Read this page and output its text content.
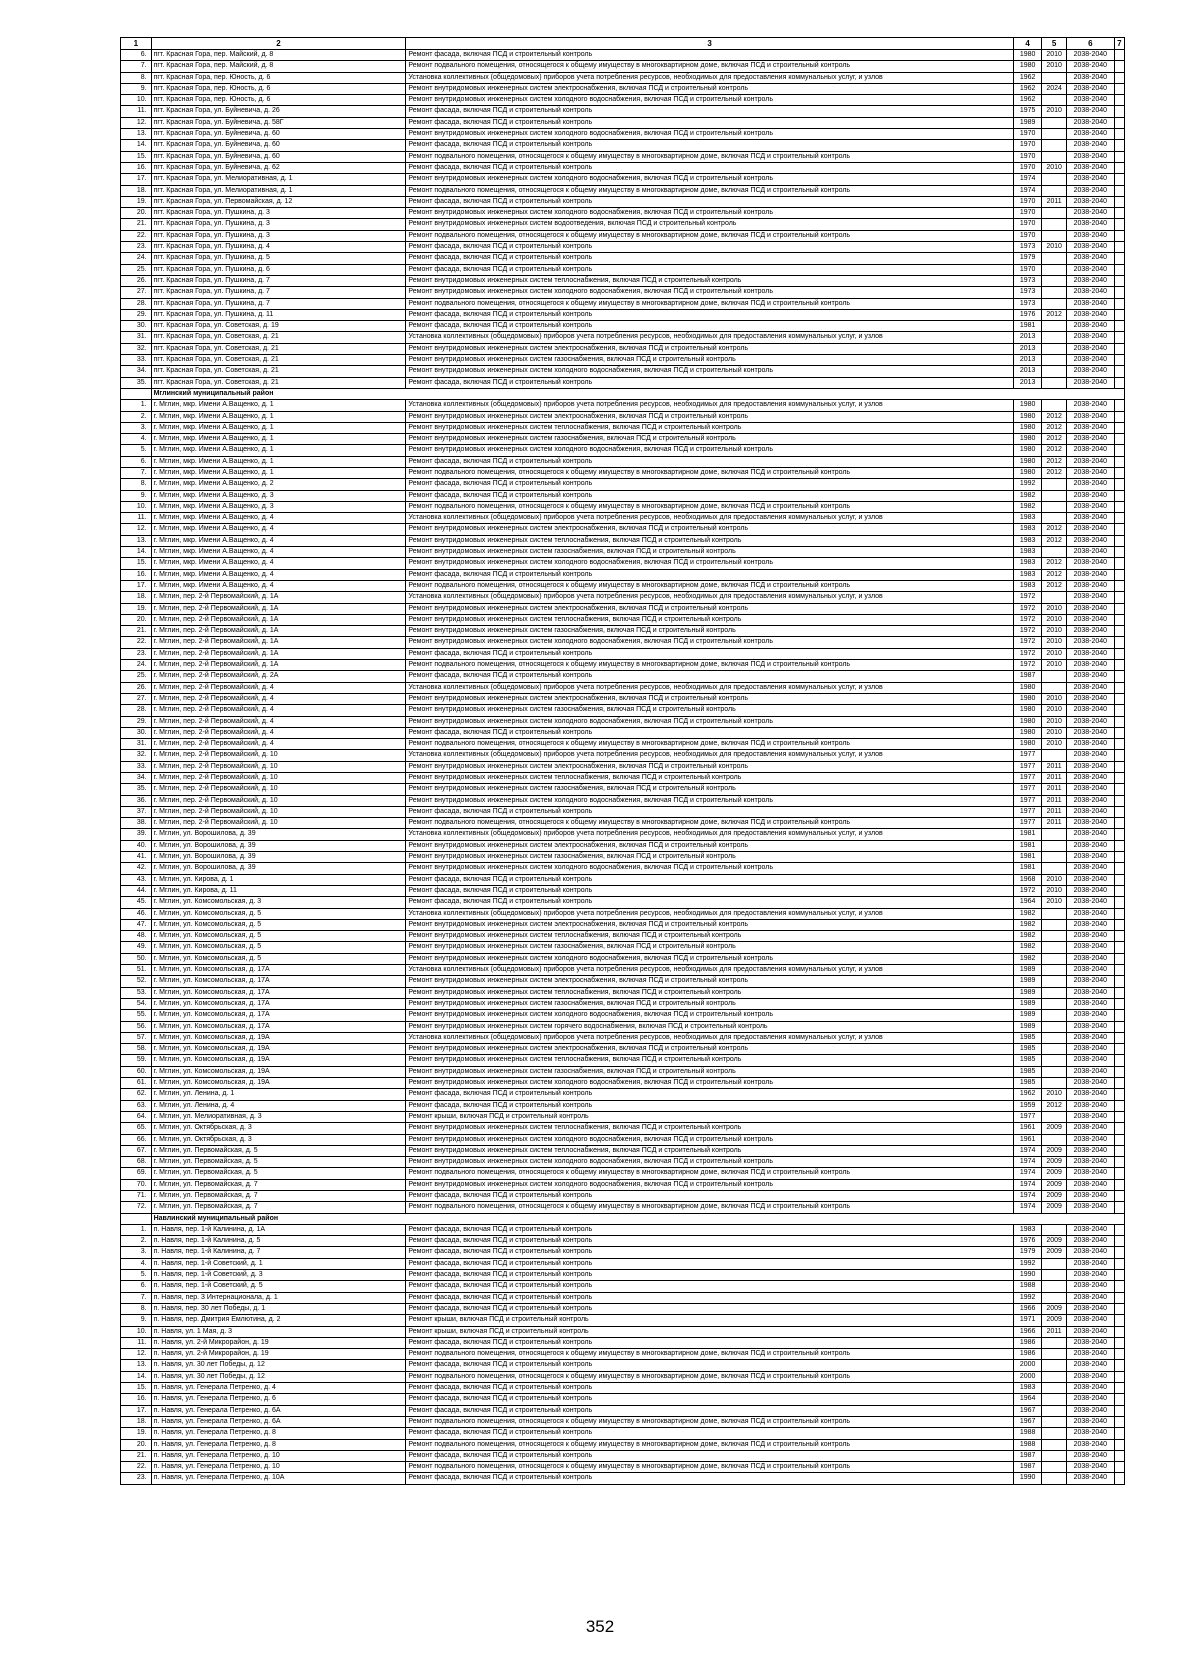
1	2	3	4	5	6	7
6.	пгт. Красная Гора, пер. Майский, д. 8	Ремонт фасада, включая ПСД и строительный контроль	1980	2010	2038-2040	
7.	пгт. Красная Гора, пер. Майский, д. 8	Ремонт подвального помещения, относящегося к общему имуществу в многоквартирном доме, включая ПСД и строительный контроль	1980	2010	2038-2040	
8.	пгт. Красная Гора, пер. Юность, д. 6	Установка коллективных (общедомовых) приборов учета потребления ресурсов, необходимых для предоставления коммунальных услуг, и узлов	1962		2038-2040	
9.	пгт. Красная Гора, пер. Юность, д. 6	Ремонт внутридомовых инженерных систем электроснабжения, включая ПСД и строительный контроль	1962	2024	2038-2040	
10.	пгт. Красная Гора, пер. Юность, д. 6	Ремонт внутридомовых инженерных систем холодного водоснабжения, включая ПСД и строительный контроль	1962		2038-2040	
11.	пгт. Красная Гора, ул. Буйневича, д. 26	Ремонт фасада, включая ПСД и строительный контроль	1975	2010	2038-2040	
12.	пгт. Красная Гора, ул. Буйневича, д. 58Г	Ремонт фасада, включая ПСД и строительный контроль	1989		2038-2040	
13.	пгт. Красная Гора, ул. Буйневича, д. 60	Ремонт внутридомовых инженерных систем холодного водоснабжения, включая ПСД и строительный контроль	1970		2038-2040	
14.	пгт. Красная Гора, ул. Буйневича, д. 60	Ремонт фасада, включая ПСД и строительный контроль	1970		2038-2040	
15.	пгт. Красная Гора, ул. Буйневича, д. 60	Ремонт подвального помещения, относящегося к общему имуществу в многоквартирном доме, включая ПСД и строительный контроль	1970		2038-2040	
16.	пгт. Красная Гора, ул. Буйневича, д. 62	Ремонт фасада, включая ПСД и строительный контроль	1970	2010	2038-2040	
17.	пгт. Красная Гора, ул. Мелиоративная, д. 1	Ремонт внутридомовых инженерных систем холодного водоснабжения, включая ПСД и строительный контроль	1974		2038-2040	
18.	пгт. Красная Гора, ул. Мелиоративная, д. 1	Ремонт подвального помещения, относящегося к общему имуществу в многоквартирном доме, включая ПСД и строительный контроль	1974		2038-2040	
19.	пгт. Красная Гора, ул. Первомайская, д. 12	Ремонт фасада, включая ПСД и строительный контроль	1970	2011	2038-2040	
20.	пгт. Красная Гора, ул. Пушкина, д. 3	Ремонт внутридомовых инженерных систем холодного водоснабжения, включая ПСД и строительный контроль	1970		2038-2040	
21.	пгт. Красная Гора, ул. Пушкина, д. 3	Ремонт внутридомовых инженерных систем водоотведения, включая ПСД и строительный контроль	1970		2038-2040	
22.	пгт. Красная Гора, ул. Пушкина, д. 3	Ремонт подвального помещения, относящегося к общему имуществу в многоквартирном доме, включая ПСД и строительный контроль	1970		2038-2040	
23.	пгт. Красная Гора, ул. Пушкина, д. 4	Ремонт фасада, включая ПСД и строительный контроль	1973	2010	2038-2040	
24.	пгт. Красная Гора, ул. Пушкина, д. 5	Ремонт фасада, включая ПСД и строительный контроль	1979		2038-2040	
25.	пгт. Красная Гора, ул. Пушкина, д. 6	Ремонт фасада, включая ПСД и строительный контроль	1970		2038-2040	
26.	пгт. Красная Гора, ул. Пушкина, д. 7	Ремонт внутридомовых инженерных систем теплоснабжения, включая ПСД и строительный контроль	1973		2038-2040	
27.	пгт. Красная Гора, ул. Пушкина, д. 7	Ремонт внутридомовых инженерных систем холодного водоснабжения, включая ПСД и строительный контроль	1973		2038-2040	
28.	пгт. Красная Гора, ул. Пушкина, д. 7	Ремонт подвального помещения, относящегося к общему имуществу в многоквартирном доме, включая ПСД и строительный контроль	1973		2038-2040	
29.	пгт. Красная Гора, ул. Пушкина, д. 11	Ремонт фасада, включая ПСД и строительный контроль	1976	2012	2038-2040	
30.	пгт. Красная Гора, ул. Советская, д. 19	Ремонт фасада, включая ПСД и строительный контроль	1981		2038-2040	
31.	пгт. Красная Гора, ул. Советская, д. 21	Установка коллективных (общедомовых) приборов учета потребления ресурсов, необходимых для предоставления коммунальных услуг, и узлов	2013		2038-2040	
32.	пгт. Красная Гора, ул. Советская, д. 21	Ремонт внутридомовых инженерных систем электроснабжения, включая ПСД и строительный контроль	2013		2038-2040	
33.	пгт. Красная Гора, ул. Советская, д. 21	Ремонт внутридомовых инженерных систем газоснабжения, включая ПСД и строительный контроль	2013		2038-2040	
34.	пгт. Красная Гора, ул. Советская, д. 21	Ремонт внутридомовых инженерных систем холодного водоснабжения, включая ПСД и строительный контроль	2013		2038-2040	
35.	пгт. Красная Гора, ул. Советская, д. 21	Ремонт фасада, включая ПСД и строительный контроль	2013		2038-2040	
	Мглинский муниципальный район					
1.	г. Мглин, мкр. Имени А.Ващенко, д. 1	Установка коллективных (общедомовых) приборов учета потребления ресурсов, необходимых для предоставления коммунальных услуг, и узлов	1980		2038-2040	
2.	г. Мглин, мкр. Имени А.Ващенко, д. 1	Ремонт внутридомовых инженерных систем электроснабжения, включая ПСД и строительный контроль	1980	2012	2038-2040	
3.	г. Мглин, мкр. Имени А.Ващенко, д. 1	Ремонт внутридомовых инженерных систем теплоснабжения, включая ПСД и строительный контроль	1980	2012	2038-2040	
4.	г. Мглин, мкр. Имени А.Ващенко, д. 1	Ремонт внутридомовых инженерных систем газоснабжения, включая ПСД и строительный контроль	1980	2012	2038-2040	
5.	г. Мглин, мкр. Имени А.Ващенко, д. 1	Ремонт внутридомовых инженерных систем холодного водоснабжения, включая ПСД и строительный контроль	1980	2012	2038-2040	
6.	г. Мглин, мкр. Имени А.Ващенко, д. 1	Ремонт фасада, включая ПСД и строительный контроль	1980	2012	2038-2040	
7.	г. Мглин, мкр. Имени А.Ващенко, д. 1	Ремонт подвального помещения, относящегося к общему имуществу в многоквартирном доме, включая ПСД и строительный контроль	1980	2012	2038-2040	
8.	г. Мглин, мкр. Имени А.Ващенко, д. 2	Ремонт фасада, включая ПСД и строительный контроль	1992		2038-2040	
9.	г. Мглин, мкр. Имени А.Ващенко, д. 3	Ремонт фасада, включая ПСД и строительный контроль	1982		2038-2040	
10.	г. Мглин, мкр. Имени А.Ващенко, д. 3	Ремонт подвального помещения, относящегося к общему имуществу в многоквартирном доме, включая ПСД и строительный контроль	1982		2038-2040	
11.	г. Мглин, мкр. Имени А.Ващенко, д. 4	Установка коллективных (общедомовых) приборов учета потребления ресурсов, необходимых для предоставления коммунальных услуг, и узлов	1983		2038-2040	
12.	г. Мглин, мкр. Имени А.Ващенко, д. 4	Ремонт внутридомовых инженерных систем электроснабжения, включая ПСД и строительный контроль	1983	2012	2038-2040	
13.	г. Мглин, мкр. Имени А.Ващенко, д. 4	Ремонт внутридомовых инженерных систем теплоснабжения, включая ПСД и строительный контроль	1983	2012	2038-2040	
14.	г. Мглин, мкр. Имени А.Ващенко, д. 4	Ремонт внутридомовых инженерных систем газоснабжения, включая ПСД и строительный контроль	1983		2038-2040	
15.	г. Мглин, мкр. Имени А.Ващенко, д. 4	Ремонт внутридомовых инженерных систем холодного водоснабжения, включая ПСД и строительный контроль	1983	2012	2038-2040	
16.	г. Мглин, мкр. Имени А.Ващенко, д. 4	Ремонт фасада, включая ПСД и строительный контроль	1983	2012	2038-2040	
17.	г. Мглин, мкр. Имени А.Ващенко, д. 4	Ремонт подвального помещения, относящегося к общему имуществу в многоквартирном доме, включая ПСД и строительный контроль	1983	2012	2038-2040	
18.	г. Мглин, пер. 2-й Первомайский, д. 1А	Установка коллективных (общедомовых) приборов учета потребления ресурсов, необходимых для предоставления коммунальных услуг, и узлов	1972		2038-2040	
19.	г. Мглин, пер. 2-й Первомайский, д. 1А	Ремонт внутридомовых инженерных систем электроснабжения, включая ПСД и строительный контроль	1972	2010	2038-2040	
20.	г. Мглин, пер. 2-й Первомайский, д. 1А	Ремонт внутридомовых инженерных систем теплоснабжения, включая ПСД и строительный контроль	1972	2010	2038-2040	
21.	г. Мглин, пер. 2-й Первомайский, д. 1А	Ремонт внутридомовых инженерных систем газоснабжения, включая ПСД и строительный контроль	1972	2010	2038-2040	
22.	г. Мглин, пер. 2-й Первомайский, д. 1А	Ремонт внутридомовых инженерных систем холодного водоснабжения, включая ПСД и строительный контроль	1972	2010	2038-2040	
23.	г. Мглин, пер. 2-й Первомайский, д. 1А	Ремонт фасада, включая ПСД и строительный контроль	1972	2010	2038-2040	
24.	г. Мглин, пер. 2-й Первомайский, д. 1А	Ремонт подвального помещения, относящегося к общему имуществу в многоквартирном доме, включая ПСД и строительный контроль	1972	2010	2038-2040	
25.	г. Мглин, пер. 2-й Первомайский, д. 2А	Ремонт фасада, включая ПСД и строительный контроль	1987		2038-2040	
26.	г. Мглин, пер. 2-й Первомайский, д. 4	Установка коллективных (общедомовых) приборов учета потребления ресурсов, необходимых для предоставления коммунальных услуг, и узлов	1980		2038-2040	
27.	г. Мглин, пер. 2-й Первомайский, д. 4	Ремонт внутридомовых инженерных систем электроснабжения, включая ПСД и строительный контроль	1980	2010	2038-2040	
28.	г. Мглин, пер. 2-й Первомайский, д. 4	Ремонт внутридомовых инженерных систем газоснабжения, включая ПСД и строительный контроль	1980	2010	2038-2040	
29.	г. Мглин, пер. 2-й Первомайский, д. 4	Ремонт внутридомовых инженерных систем холодного водоснабжения, включая ПСД и строительный контроль	1980	2010	2038-2040	
30.	г. Мглин, пер. 2-й Первомайский, д. 4	Ремонт фасада, включая ПСД и строительный контроль	1980	2010	2038-2040	
31.	г. Мглин, пер. 2-й Первомайский, д. 4	Ремонт подвального помещения, относящегося к общему имуществу в многоквартирном доме, включая ПСД и строительный контроль	1980	2010	2038-2040	
32.	г. Мглин, пер. 2-й Первомайский, д. 10	Установка коллективных (общедомовых) приборов учета потребления ресурсов, необходимых для предоставления коммунальных услуг, и узлов	1977		2038-2040	
33.	г. Мглин, пер. 2-й Первомайский, д. 10	Ремонт внутридомовых инженерных систем электроснабжения, включая ПСД и строительный контроль	1977	2011	2038-2040	
34.	г. Мглин, пер. 2-й Первомайский, д. 10	Ремонт внутридомовых инженерных систем теплоснабжения, включая ПСД и строительный контроль	1977	2011	2038-2040	
35.	г. Мглин, пер. 2-й Первомайский, д. 10	Ремонт внутридомовых инженерных систем газоснабжения, включая ПСД и строительный контроль	1977	2011	2038-2040	
36.	г. Мглин, пер. 2-й Первомайский, д. 10	Ремонт внутридомовых инженерных систем холодного водоснабжения, включая ПСД и строительный контроль	1977	2011	2038-2040	
37.	г. Мглин, пер. 2-й Первомайский, д. 10	Ремонт фасада, включая ПСД и строительный контроль	1977	2011	2038-2040	
38.	г. Мглин, пер. 2-й Первомайский, д. 10	Ремонт подвального помещения, относящегося к общему имуществу в многоквартирном доме, включая ПСД и строительный контроль	1977	2011	2038-2040	
39.	г. Мглин, ул. Ворошилова, д. 39	Установка коллективных (общедомовых) приборов учета потребления ресурсов, необходимых для предоставления коммунальных услуг, и узлов	1981		2038-2040	
40.	г. Мглин, ул. Ворошилова, д. 39	Ремонт внутридомовых инженерных систем электроснабжения, включая ПСД и строительный контроль	1981		2038-2040	
41.	г. Мглин, ул. Ворошилова, д. 39	Ремонт внутридомовых инженерных систем газоснабжения, включая ПСД и строительный контроль	1981		2038-2040	
42.	г. Мглин, ул. Ворошилова, д. 39	Ремонт внутридомовых инженерных систем холодного водоснабжения, включая ПСД и строительный контроль	1981		2038-2040	
43.	г. Мглин, ул. Кирова, д. 1	Ремонт фасада, включая ПСД и строительный контроль	1968	2010	2038-2040	
44.	г. Мглин, ул. Кирова, д. 11	Ремонт фасада, включая ПСД и строительный контроль	1972	2010	2038-2040	
45.	г. Мглин, ул. Комсомольская, д. 3	Ремонт фасада, включая ПСД и строительный контроль	1964	2010	2038-2040	
46.	г. Мглин, ул. Комсомольская, д. 5	Установка коллективных (общедомовых) приборов учета потребления ресурсов, необходимых для предоставления коммунальных услуг, и узлов	1982		2038-2040	
47.	г. Мглин, ул. Комсомольская, д. 5	Ремонт внутридомовых инженерных систем электроснабжения, включая ПСД и строительный контроль	1982		2038-2040	
48.	г. Мглин, ул. Комсомольская, д. 5	Ремонт внутридомовых инженерных систем теплоснабжения, включая ПСД и строительный контроль	1982		2038-2040	
49.	г. Мглин, ул. Комсомольская, д. 5	Ремонт внутридомовых инженерных систем газоснабжения, включая ПСД и строительный контроль	1982		2038-2040	
50.	г. Мглин, ул. Комсомольская, д. 5	Ремонт внутридомовых инженерных систем холодного водоснабжения, включая ПСД и строительный контроль	1982		2038-2040	
51.	г. Мглин, ул. Комсомольская, д. 17А	Установка коллективных (общедомовых) приборов учета потребления ресурсов, необходимых для предоставления коммунальных услуг, и узлов	1989		2038-2040	
52.	г. Мглин, ул. Комсомольская, д. 17А	Ремонт внутридомовых инженерных систем электроснабжения, включая ПСД и строительный контроль	1989		2038-2040	
53.	г. Мглин, ул. Комсомольская, д. 17А	Ремонт внутридомовых инженерных систем теплоснабжения, включая ПСД и строительный контроль	1989		2038-2040	
54.	г. Мглин, ул. Комсомольская, д. 17А	Ремонт внутридомовых инженерных систем газоснабжения, включая ПСД и строительный контроль	1989		2038-2040	
55.	г. Мглин, ул. Комсомольская, д. 17А	Ремонт внутридомовых инженерных систем холодного водоснабжения, включая ПСД и строительный контроль	1989		2038-2040	
56.	г. Мглин, ул. Комсомольская, д. 17А	Ремонт внутридомовых инженерных систем горячего водоснабжения, включая ПСД и строительный контроль	1989		2038-2040	
57.	г. Мглин, ул. Комсомольская, д. 19А	Установка коллективных (общедомовых) приборов учета потребления ресурсов, необходимых для предоставления коммунальных услуг, и узлов	1985		2038-2040	
58.	г. Мглин, ул. Комсомольская, д. 19А	Ремонт внутридомовых инженерных систем электроснабжения, включая ПСД и строительный контроль	1985		2038-2040	
59.	г. Мглин, ул. Комсомольская, д. 19А	Ремонт внутридомовых инженерных систем теплоснабжения, включая ПСД и строительный контроль	1985		2038-2040	
60.	г. Мглин, ул. Комсомольская, д. 19А	Ремонт внутридомовых инженерных систем газоснабжения, включая ПСД и строительный контроль	1985		2038-2040	
61.	г. Мглин, ул. Комсомольская, д. 19А	Ремонт внутридомовых инженерных систем холодного водоснабжения, включая ПСД и строительный контроль	1985		2038-2040	
62.	г. Мглин, ул. Ленина, д. 1	Ремонт фасада, включая ПСД и строительный контроль	1962	2010	2038-2040	
63.	г. Мглин, ул. Ленина, д. 4	Ремонт фасада, включая ПСД и строительный контроль	1959	2012	2038-2040	
64.	г. Мглин, ул. Мелиоративная, д. 3	Ремонт крыши, включая ПСД и строительный контроль	1977		2038-2040	
65.	г. Мглин, ул. Октябрьская, д. 3	Ремонт внутридомовых инженерных систем теплоснабжения, включая ПСД и строительный контроль	1961	2009	2038-2040	
66.	г. Мглин, ул. Октябрьская, д. 3	Ремонт внутридомовых инженерных систем холодного водоснабжения, включая ПСД и строительный контроль	1961		2038-2040	
67.	г. Мглин, ул. Первомайская, д. 5	Ремонт внутридомовых инженерных систем теплоснабжения, включая ПСД и строительный контроль	1974	2009	2038-2040	
68.	г. Мглин, ул. Первомайская, д. 5	Ремонт внутридомовых инженерных систем холодного водоснабжения, включая ПСД и строительный контроль	1974	2009	2038-2040	
69.	г. Мглин, ул. Первомайская, д. 5	Ремонт подвального помещения, относящегося к общему имуществу в многоквартирном доме, включая ПСД и строительный контроль	1974	2009	2038-2040	
70.	г. Мглин, ул. Первомайская, д. 7	Ремонт внутридомовых инженерных систем холодного водоснабжения, включая ПСД и строительный контроль	1974	2009	2038-2040	
71.	г. Мглин, ул. Первомайская, д. 7	Ремонт фасада, включая ПСД и строительный контроль	1974	2009	2038-2040	
72.	г. Мглин, ул. Первомайская, д. 7	Ремонт подвального помещения, относящегося к общему имуществу в многоквартирном доме, включая ПСД и строительный контроль	1974	2009	2038-2040	
	Навлинский муниципальный район					
1.	п. Навля, пер. 1-й Калинина, д. 1А	Ремонт фасада, включая ПСД и строительный контроль	1983		2038-2040	
2.	п. Навля, пер. 1-й Калинина, д. 5	Ремонт фасада, включая ПСД и строительный контроль	1976	2009	2038-2040	
3.	п. Навля, пер. 1-й Калинина, д. 7	Ремонт фасада, включая ПСД и строительный контроль	1979	2009	2038-2040	
4.	п. Навля, пер. 1-й Советский, д. 1	Ремонт фасада, включая ПСД и строительный контроль	1992		2038-2040	
5.	п. Навля, пер. 1-й Советский, д. 3	Ремонт фасада, включая ПСД и строительный контроль	1990		2038-2040	
6.	п. Навля, пер. 1-й Советский, д. 5	Ремонт фасада, включая ПСД и строительный контроль	1988		2038-2040	
7.	п. Навля, пер. 3 Интернационала, д. 1	Ремонт фасада, включая ПСД и строительный контроль	1992		2038-2040	
8.	п. Навля, пер. 30 лет Победы, д. 1	Ремонт фасада, включая ПСД и строительный контроль	1966	2009	2038-2040	
9.	п. Навля, пер. Дмитрия Емлютина, д. 2	Ремонт крыши, включая ПСД и строительный контроль	1971	2009	2038-2040	
10.	п. Навля, ул. 1 Мая, д. 3	Ремонт крыши, включая ПСД и строительный контроль	1966	2011	2038-2040	
11.	п. Навля, ул. 2-й Микрорайон, д. 19	Ремонт фасада, включая ПСД и строительный контроль	1986		2038-2040	
12.	п. Навля, ул. 2-й Микрорайон, д. 19	Ремонт подвального помещения, относящегося к общему имуществу в многоквартирном доме, включая ПСД и строительный контроль	1986		2038-2040	
13.	п. Навля, ул. 30 лет Победы, д. 12	Ремонт фасада, включая ПСД и строительный контроль	2000		2038-2040	
14.	п. Навля, ул. 30 лет Победы, д. 12	Ремонт подвального помещения, относящегося к общему имуществу в многоквартирном доме, включая ПСД и строительный контроль	2000		2038-2040	
15.	п. Навля, ул. Генерала Петренко, д. 4	Ремонт фасада, включая ПСД и строительный контроль	1983		2038-2040	
16.	п. Навля, ул. Генерала Петренко, д. 6	Ремонт фасада, включая ПСД и строительный контроль	1964		2038-2040	
17.	п. Навля, ул. Генерала Петренко, д. 6А	Ремонт фасада, включая ПСД и строительный контроль	1967		2038-2040	
18.	п. Навля, ул. Генерала Петренко, д. 6А	Ремонт подвального помещения, относящегося к общему имуществу в многоквартирном доме, включая ПСД и строительный контроль	1967		2038-2040	
19.	п. Навля, ул. Генерала Петренко, д. 8	Ремонт фасада, включая ПСД и строительный контроль	1988		2038-2040	
20.	п. Навля, ул. Генерала Петренко, д. 8	Ремонт подвального помещения, относящегося к общему имуществу в многоквартирном доме, включая ПСД и строительный контроль	1988		2038-2040	
21.	п. Навля, ул. Генерала Петренко, д. 10	Ремонт фасада, включая ПСД и строительный контроль	1987		2038-2040	
22.	п. Навля, ул. Генерала Петренко, д. 10	Ремонт подвального помещения, относящегося к общему имуществу в многоквартирном доме, включая ПСД и строительный контроль	1987		2038-2040	
23.	п. Навля, ул. Генерала Петренко, д. 10А	Ремонт фасада, включая ПСД и строительный контроль	1990		2038-2040	
352
